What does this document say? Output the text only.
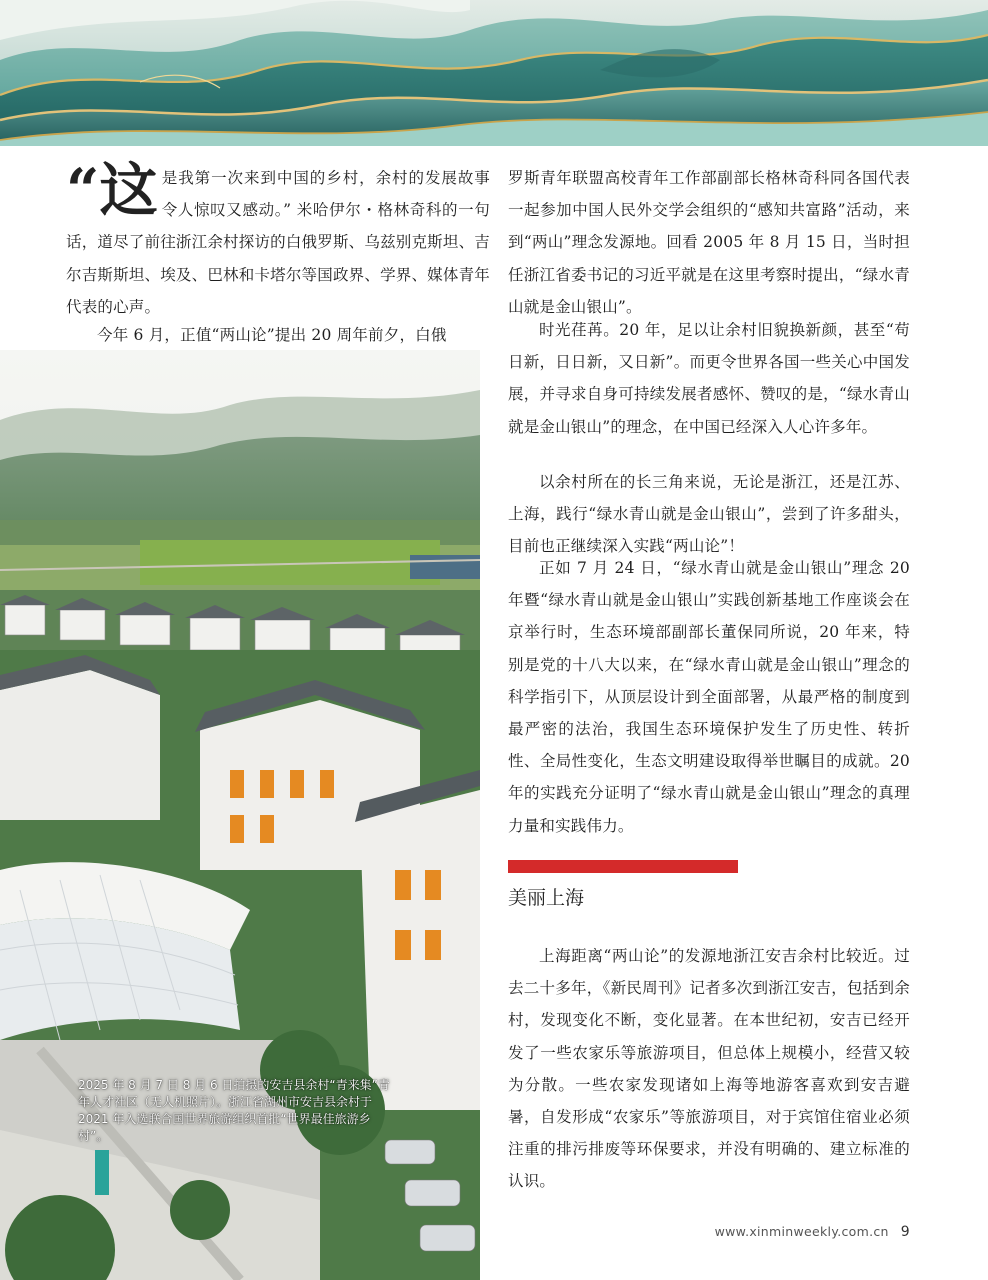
“这是我第一次来到中国的乡村，余村的发展故事令人惊叹又感动。” 米哈伊尔・格林奇科的一句话，道尽了前往浙江余村探访的白俄罗斯、乌兹别克斯坦、吉尔吉斯斯坦、埃及、巴林和卡塔尔等国政界、学界、媒体青年代表的心声。

今年 6 月，正值“两山论”提出 20 周年前夕，白俄

2025 年 8 月 7 日 8 月 6 日拍摄的安吉县余村“青来集”青年人才社区（无人机照片）。浙江省湖州市安吉县余村于 2021 年入选联合国世界旅游组织首批“世界最佳旅游乡村”。

罗斯青年联盟高校青年工作部副部长格林奇科同各国代表一起参加中国人民外交学会组织的“感知共富路”活动，来到“两山”理念发源地。回看 2005 年 8 月 15 日，当时担任浙江省委书记的习近平就是在这里考察时提出，“绿水青山就是金山银山”。

时光荏苒。20 年，足以让余村旧貌换新颜，甚至“苟日新，日日新，又日新”。而更令世界各国一些关心中国发展，并寻求自身可持续发展者感怀、赞叹的是，“绿水青山就是金山银山”的理念，在中国已经深入人心许多年。

以余村所在的长三角来说，无论是浙江，还是江苏、上海，践行“绿水青山就是金山银山”，尝到了许多甜头，目前也正继续深入实践“两山论”！

正如 7 月 24 日，“绿水青山就是金山银山”理念 20 年暨“绿水青山就是金山银山”实践创新基地工作座谈会在京举行时，生态环境部副部长董保同所说，20 年来，特别是党的十八大以来，在“绿水青山就是金山银山”理念的科学指引下，从顶层设计到全面部署，从最严格的制度到最严密的法治，我国生态环境保护发生了历史性、转折性、全局性变化，生态文明建设取得举世瞩目的成就。20 年的实践充分证明了“绿水青山就是金山银山”理念的真理力量和实践伟力。

美丽上海

上海距离“两山论”的发源地浙江安吉余村比较近。过去二十多年，《新民周刊》记者多次到浙江安吉，包括到余村，发现变化不断，变化显著。在本世纪初，安吉已经开发了一些农家乐等旅游项目，但总体上规模小，经营又较为分散。一些农家发现诸如上海等地游客喜欢到安吉避暑，自发形成“农家乐”等旅游项目，对于宾馆住宿业必须注重的排污排废等环保要求，并没有明确的、建立标准的认识。

www.xinminweekly.com.cn 9
